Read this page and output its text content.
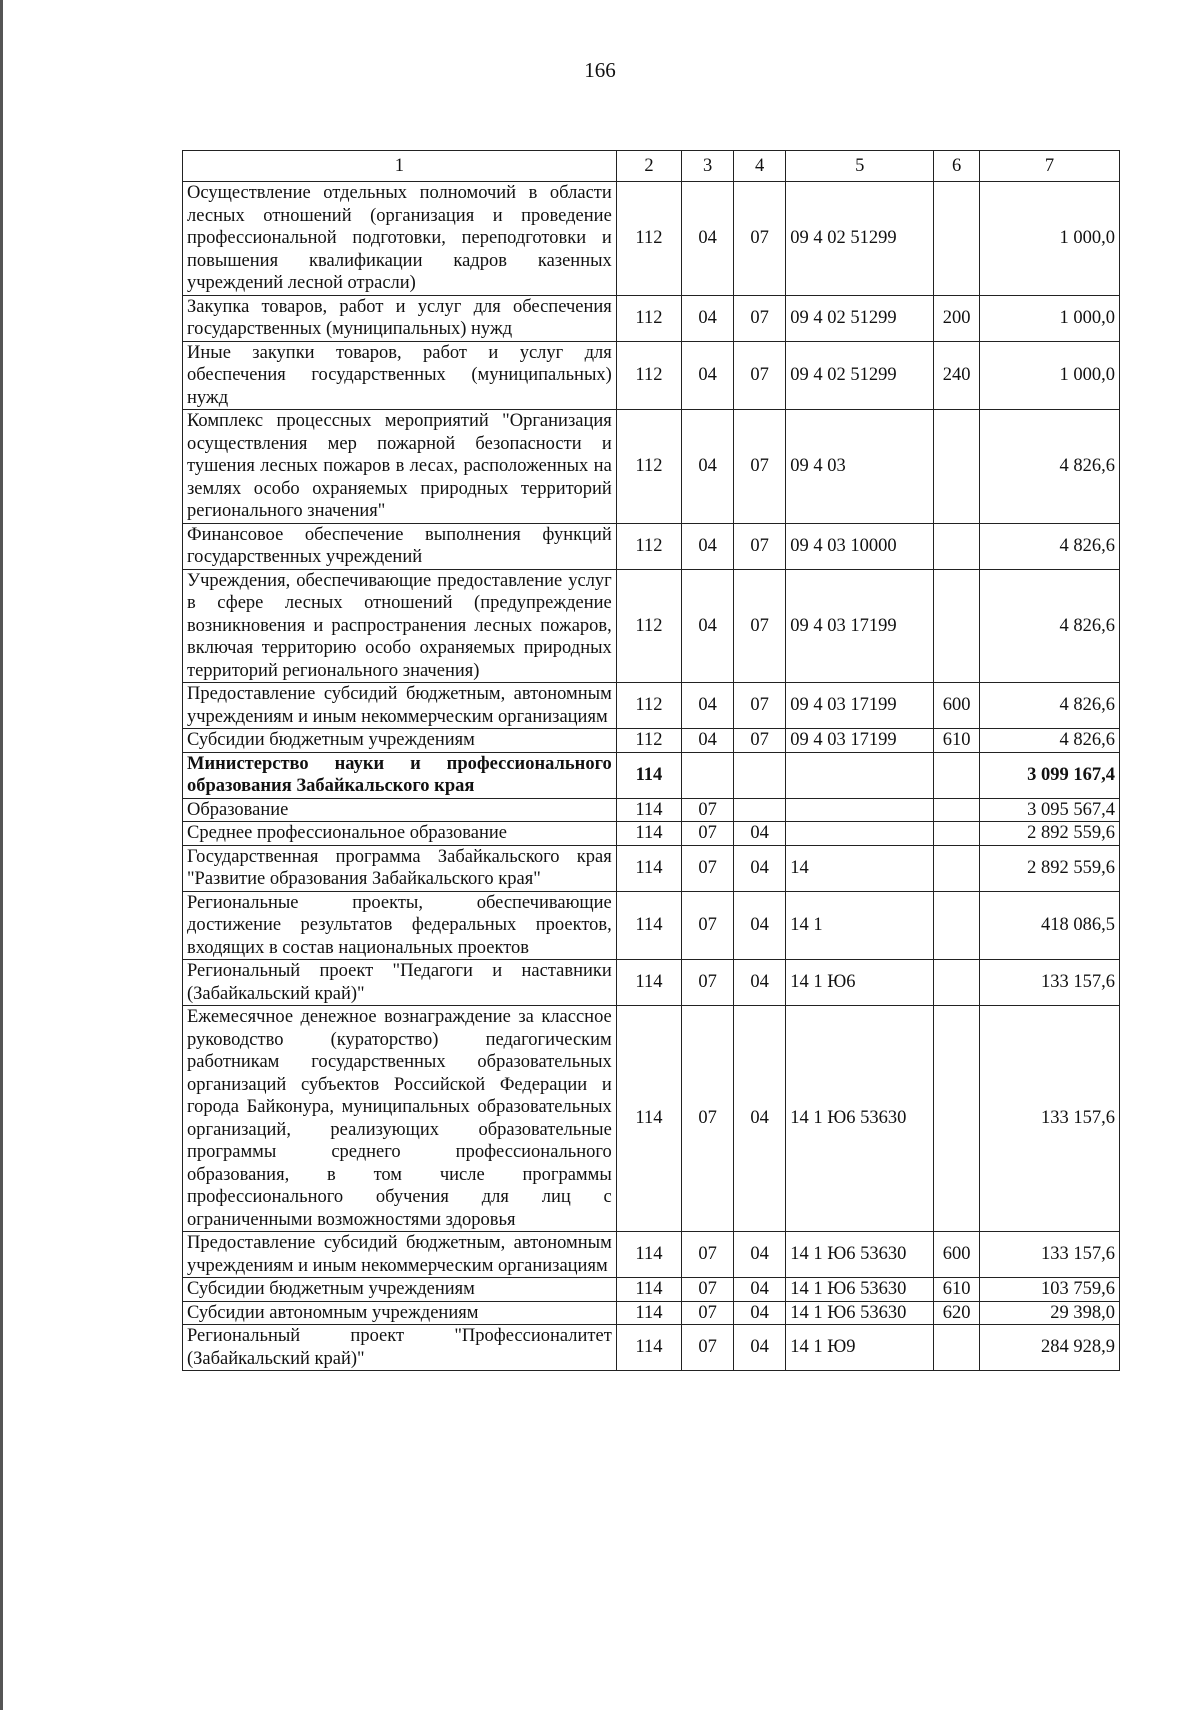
166
1	2	3	4	5	6	7
Осуществление отдельных полномочий в области лесных отношений (организация и проведение профессиональной подготовки, переподготовки и повышения квалификации кадров казенных учреждений лесной отрасли)	112	04	07	09 4 02 51299		1 000,0
Закупка товаров, работ и услуг для обеспечения государственных (муниципальных) нужд	112	04	07	09 4 02 51299	200	1 000,0
Иные закупки товаров, работ и услуг для обеспечения государственных (муниципальных) нужд	112	04	07	09 4 02 51299	240	1 000,0
Комплекс процессных мероприятий "Организация осуществления мер пожарной безопасности и тушения лесных пожаров в лесах, расположенных на землях особо охраняемых природных территорий регионального значения"	112	04	07	09 4 03		4 826,6
Финансовое обеспечение выполнения функций государственных учреждений	112	04	07	09 4 03 10000		4 826,6
Учреждения, обеспечивающие предоставление услуг в сфере лесных отношений (предупреждение возникновения и распространения лесных пожаров, включая территорию особо охраняемых природных территорий регионального значения)	112	04	07	09 4 03 17199		4 826,6
Предоставление субсидий бюджетным, автономным учреждениям и иным некоммерческим организациям	112	04	07	09 4 03 17199	600	4 826,6
Субсидии бюджетным учреждениям	112	04	07	09 4 03 17199	610	4 826,6
Министерство науки и профессионального образования Забайкальского края	114					3 099 167,4
Образование	114	07				3 095 567,4
Среднее профессиональное образование	114	07	04			2 892 559,6
Государственная программа Забайкальского края "Развитие образования Забайкальского края"	114	07	04	14		2 892 559,6
Региональные проекты, обеспечивающие достижение результатов федеральных проектов, входящих в состав национальных проектов	114	07	04	14 1		418 086,5
Региональный проект "Педагоги и наставники (Забайкальский край)"	114	07	04	14 1 Ю6		133 157,6
Ежемесячное денежное вознаграждение за классное руководство (кураторство) педагогическим работникам государственных образовательных организаций субъектов Российской Федерации и города Байконура, муниципальных образовательных организаций, реализующих образовательные программы среднего профессионального образования, в том числе программы профессионального обучения для лиц с ограниченными возможностями здоровья	114	07	04	14 1 Ю6 53630		133 157,6
Предоставление субсидий бюджетным, автономным учреждениям и иным некоммерческим организациям	114	07	04	14 1 Ю6 53630	600	133 157,6
Субсидии бюджетным учреждениям	114	07	04	14 1 Ю6 53630	610	103 759,6
Субсидии автономным учреждениям	114	07	04	14 1 Ю6 53630	620	29 398,0
Региональный проект "Профессионалитет (Забайкальский край)"	114	07	04	14 1 Ю9		284 928,9
